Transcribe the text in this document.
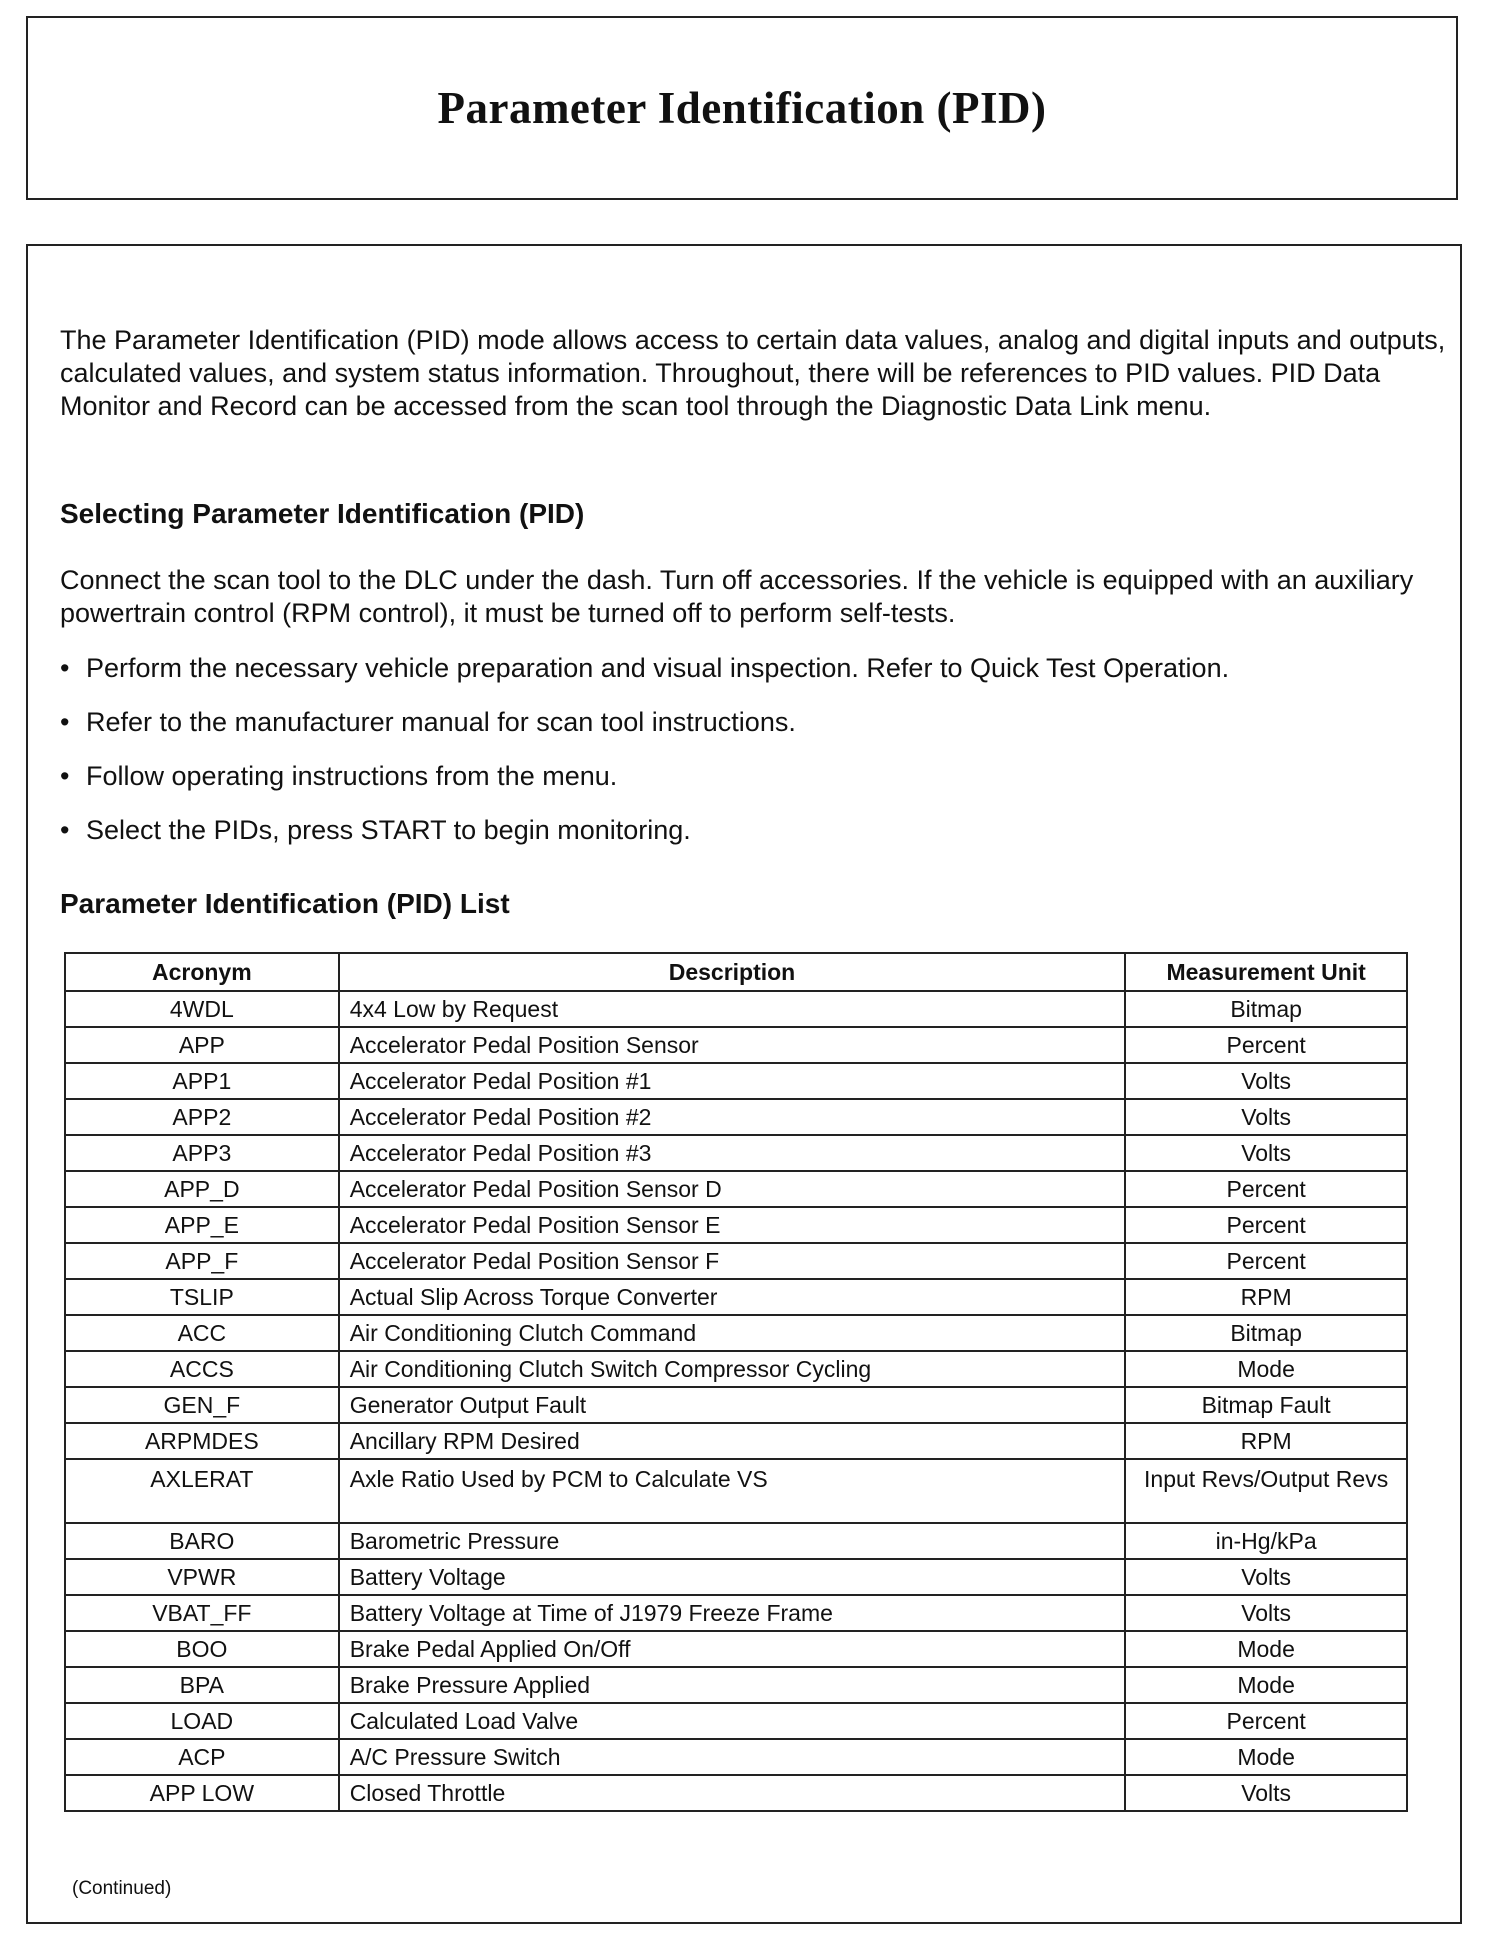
Parameter Identification (PID)

The Parameter Identification (PID) mode allows access to certain data values, analog and digital inputs and outputs, calculated values, and system status information. Throughout, there will be references to PID values. PID Data Monitor and Record can be accessed from the scan tool through the Diagnostic Data Link menu.

Selecting Parameter Identification (PID)

Connect the scan tool to the DLC under the dash. Turn off accessories. If the vehicle is equipped with an auxiliary powertrain control (RPM control), it must be turned off to perform self-tests.

• Perform the necessary vehicle preparation and visual inspection. Refer to Quick Test Operation.
• Refer to the manufacturer manual for scan tool instructions.
• Follow operating instructions from the menu.
• Select the PIDs, press START to begin monitoring.
Parameter Identification (PID) List
Acronym	Description	Measurement Unit
4WDL	4x4 Low by Request	Bitmap
APP	Accelerator Pedal Position Sensor	Percent
APP1	Accelerator Pedal Position #1	Volts
APP2	Accelerator Pedal Position #2	Volts
APP3	Accelerator Pedal Position #3	Volts
APP_D	Accelerator Pedal Position Sensor D	Percent
APP_E	Accelerator Pedal Position Sensor E	Percent
APP_F	Accelerator Pedal Position Sensor F	Percent
TSLIP	Actual Slip Across Torque Converter	RPM
ACC	Air Conditioning Clutch Command	Bitmap
ACCS	Air Conditioning Clutch Switch Compressor Cycling	Mode
GEN_F	Generator Output Fault	Bitmap Fault
ARPMDES	Ancillary RPM Desired	RPM
AXLERAT	Axle Ratio Used by PCM to Calculate VS	Input Revs/Output Revs
BARO	Barometric Pressure	in-Hg/kPa
VPWR	Battery Voltage	Volts
VBAT_FF	Battery Voltage at Time of J1979 Freeze Frame	Volts
BOO	Brake Pedal Applied On/Off	Mode
BPA	Brake Pressure Applied	Mode
LOAD	Calculated Load Valve	Percent
ACP	A/C Pressure Switch	Mode
APP LOW	Closed Throttle	Volts
(Continued)
